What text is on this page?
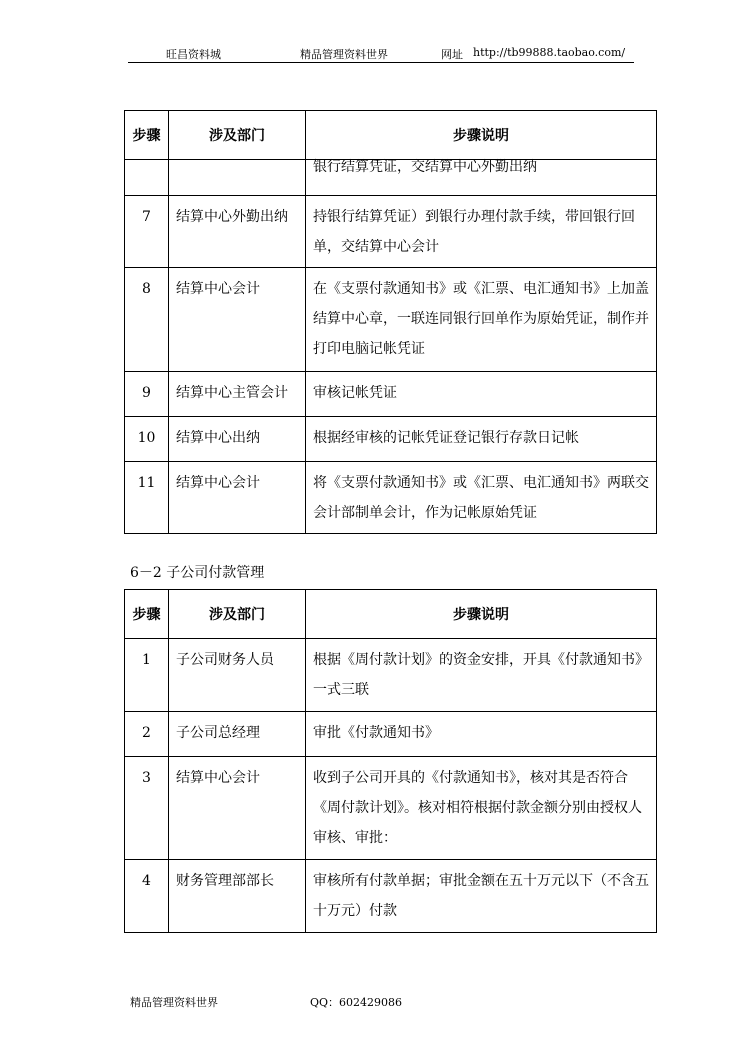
旺昌资料城	精品管理资料世界	网址 http://tb99888.taobao.com/
步骤	涉及部门	步骤说明
		银行结算凭证，交结算中心外勤出纳

7	结算中心外勤出纳	持银行结算凭证）到银行办理付款手续，带回银行回单，交结算中心会计

8	结算中心会计	在《支票付款通知书》或《汇票、电汇通知书》上加盖结算中心章，一联连同银行回单作为原始凭证，制作并打印电脑记帐凭证

9	结算中心主管会计	审核记帐凭证

10	结算中心出纳	根据经审核的记帐凭证登记银行存款日记帐

11	结算中心会计	将《支票付款通知书》或《汇票、电汇通知书》两联交会计部制单会计，作为记帐原始凭证
6－2 子公司付款管理
步骤	涉及部门	步骤说明

1	子公司财务人员	根据《周付款计划》的资金安排，开具《付款通知书》一式三联

2	子公司总经理	审批《付款通知书》

3	结算中心会计	收到子公司开具的《付款通知书》，核对其是否符合《周付款计划》。核对相符根据付款金额分别由授权人审核、审批：

4	财务管理部部长	审核所有付款单据；审批金额在五十万元以下（不含五十万元）付款
精品管理资料世界	QQ：602429086
